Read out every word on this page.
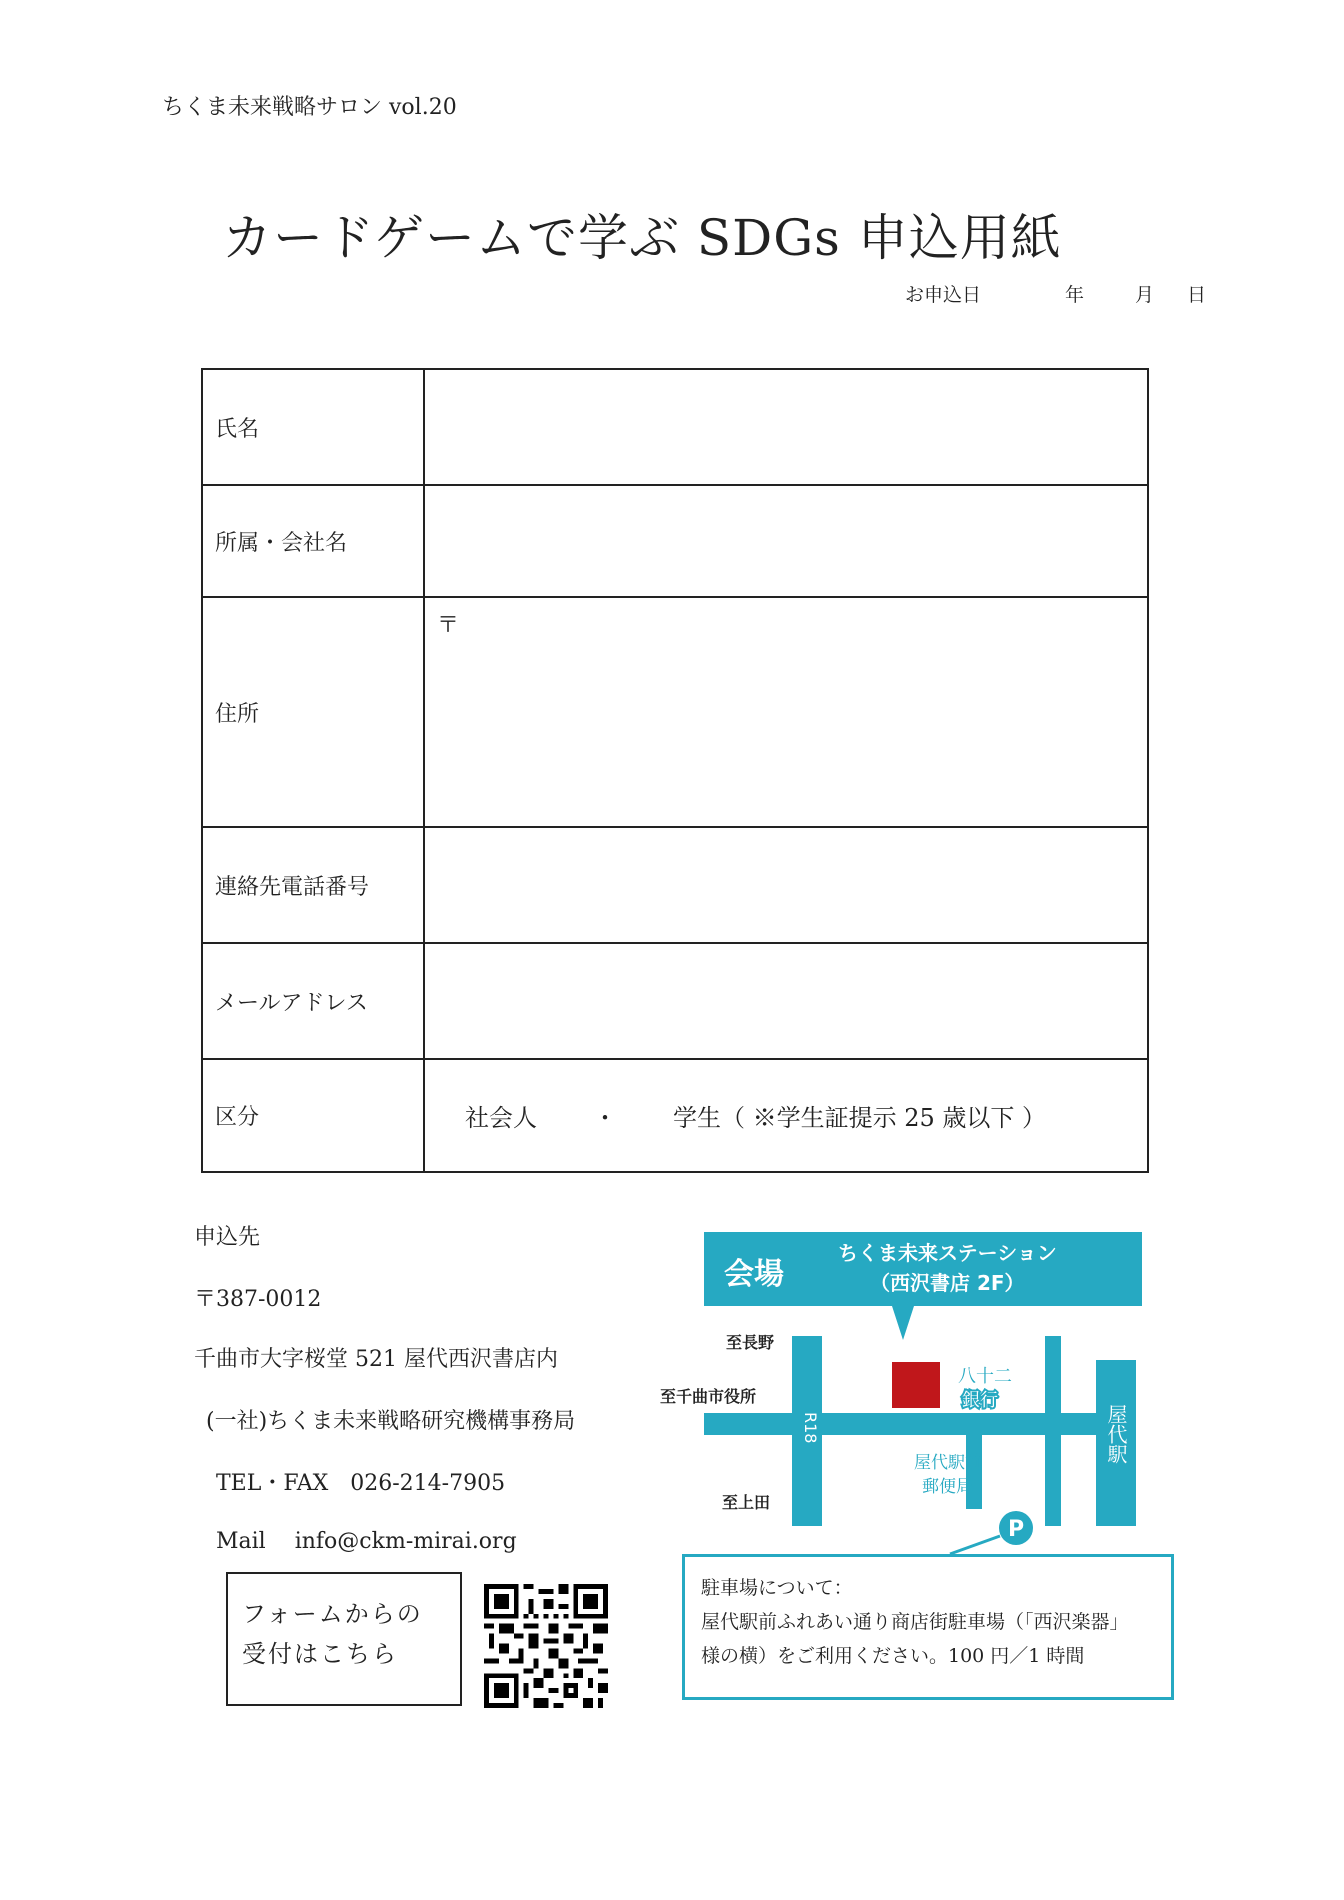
ちくま未来戦略サロン vol.20
カードゲームで学ぶ SDGs 申込用紙
お申込日	年	月 日
氏名	
所属・会社名	
住所	〒
連絡先電話番号	
メールアドレス	
区分	社会人 ・ 学生（ ※学生証提示 25 歳以下 ）
申込先
〒387-0012
千曲市大字桜堂 521 屋代西沢書店内
(一社)ちくま未来戦略研究機構事務局
TEL・FAX　026-214-7905
Mail　 info@ckm-mirai.org
フォームからの受付はこちら
会場
ちくま未来ステーション
（西沢書店 2F）
至長野
至千曲市役所
至上田
R18
八十二
銀行
屋代駅
屋代駅前
郵便局
P
駐車場について：
屋代駅前ふれあい通り商店街駐車場（「西沢楽器」
様の横）をご利用ください。100 円／1 時間
